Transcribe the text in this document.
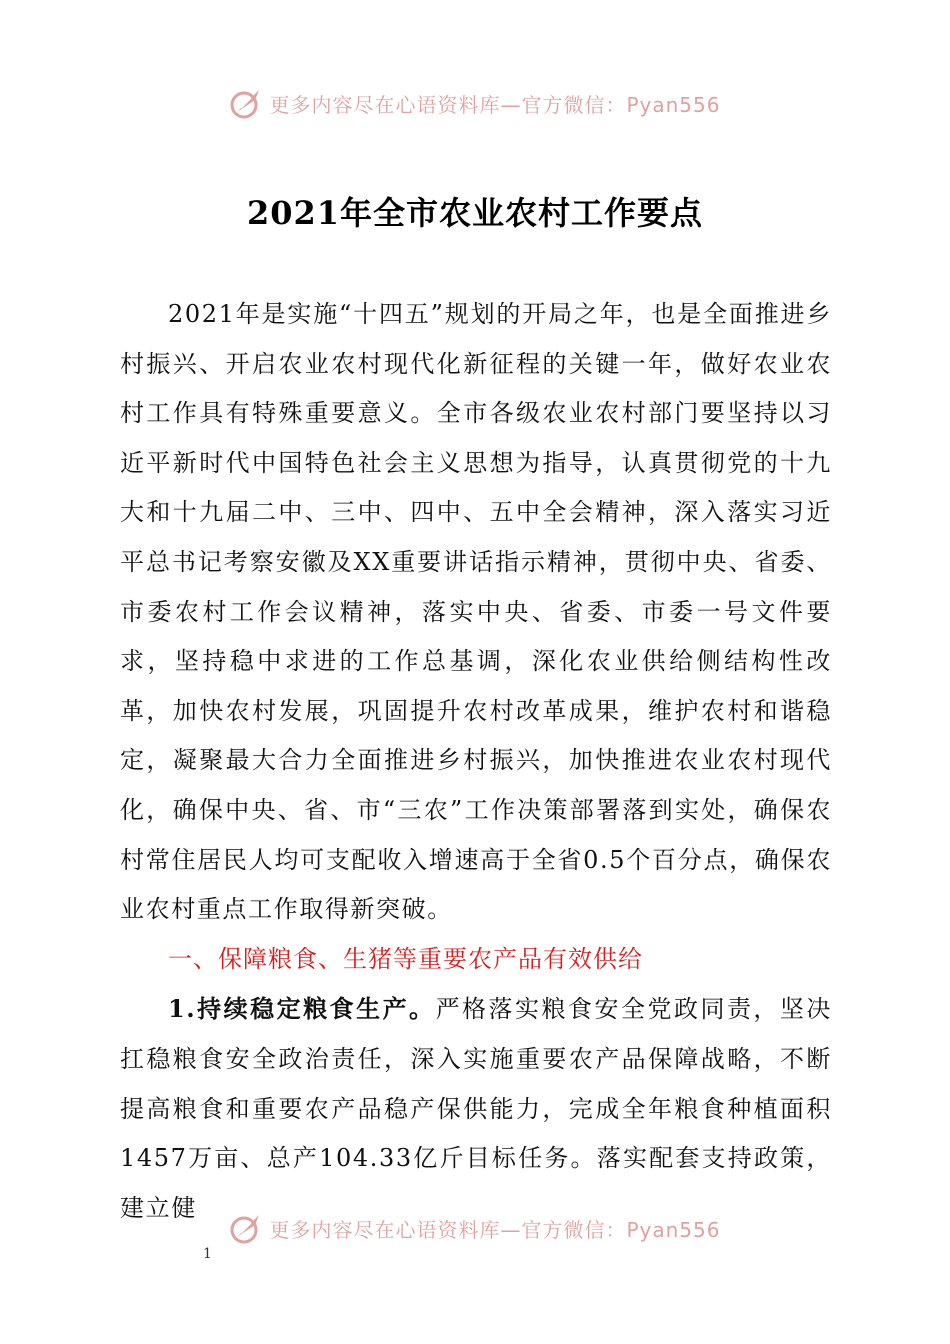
更多内容尽在心语资料库—官方微信：Pyan556
2021年全市农业农村工作要点

2021年是实施“十四五”规划的开局之年，也是全面推进乡村振兴、开启农业农村现代化新征程的关键一年，做好农业农村工作具有特殊重要意义。全市各级农业农村部门要坚持以习近平新时代中国特色社会主义思想为指导，认真贯彻党的十九大和十九届二中、三中、四中、五中全会精神，深入落实习近平总书记考察安徽及XX重要讲话指示精神，贯彻中央、省委、市委农村工作会议精神，落实中央、省委、市委一号文件要求，坚持稳中求进的工作总基调，深化农业供给侧结构性改革，加快农村发展，巩固提升农村改革成果，维护农村和谐稳定，凝聚最大合力全面推进乡村振兴，加快推进农业农村现代化，确保中央、省、市“三农”工作决策部署落到实处，确保农村常住居民人均可支配收入增速高于全省0.5个百分点，确保农业农村重点工作取得新突破。

一、保障粮食、生猪等重要农产品有效供给

1.持续稳定粮食生产。严格落实粮食安全党政同责，坚决扛稳粮食安全政治责任，深入实施重要农产品保障战略，不断提高粮食和重要农产品稳产保供能力，完成全年粮食种植面积1457万亩、总产104.33亿斤目标任务。落实配套支持政策，建立健

更多内容尽在心语资料库—官方微信：Pyan556
1
